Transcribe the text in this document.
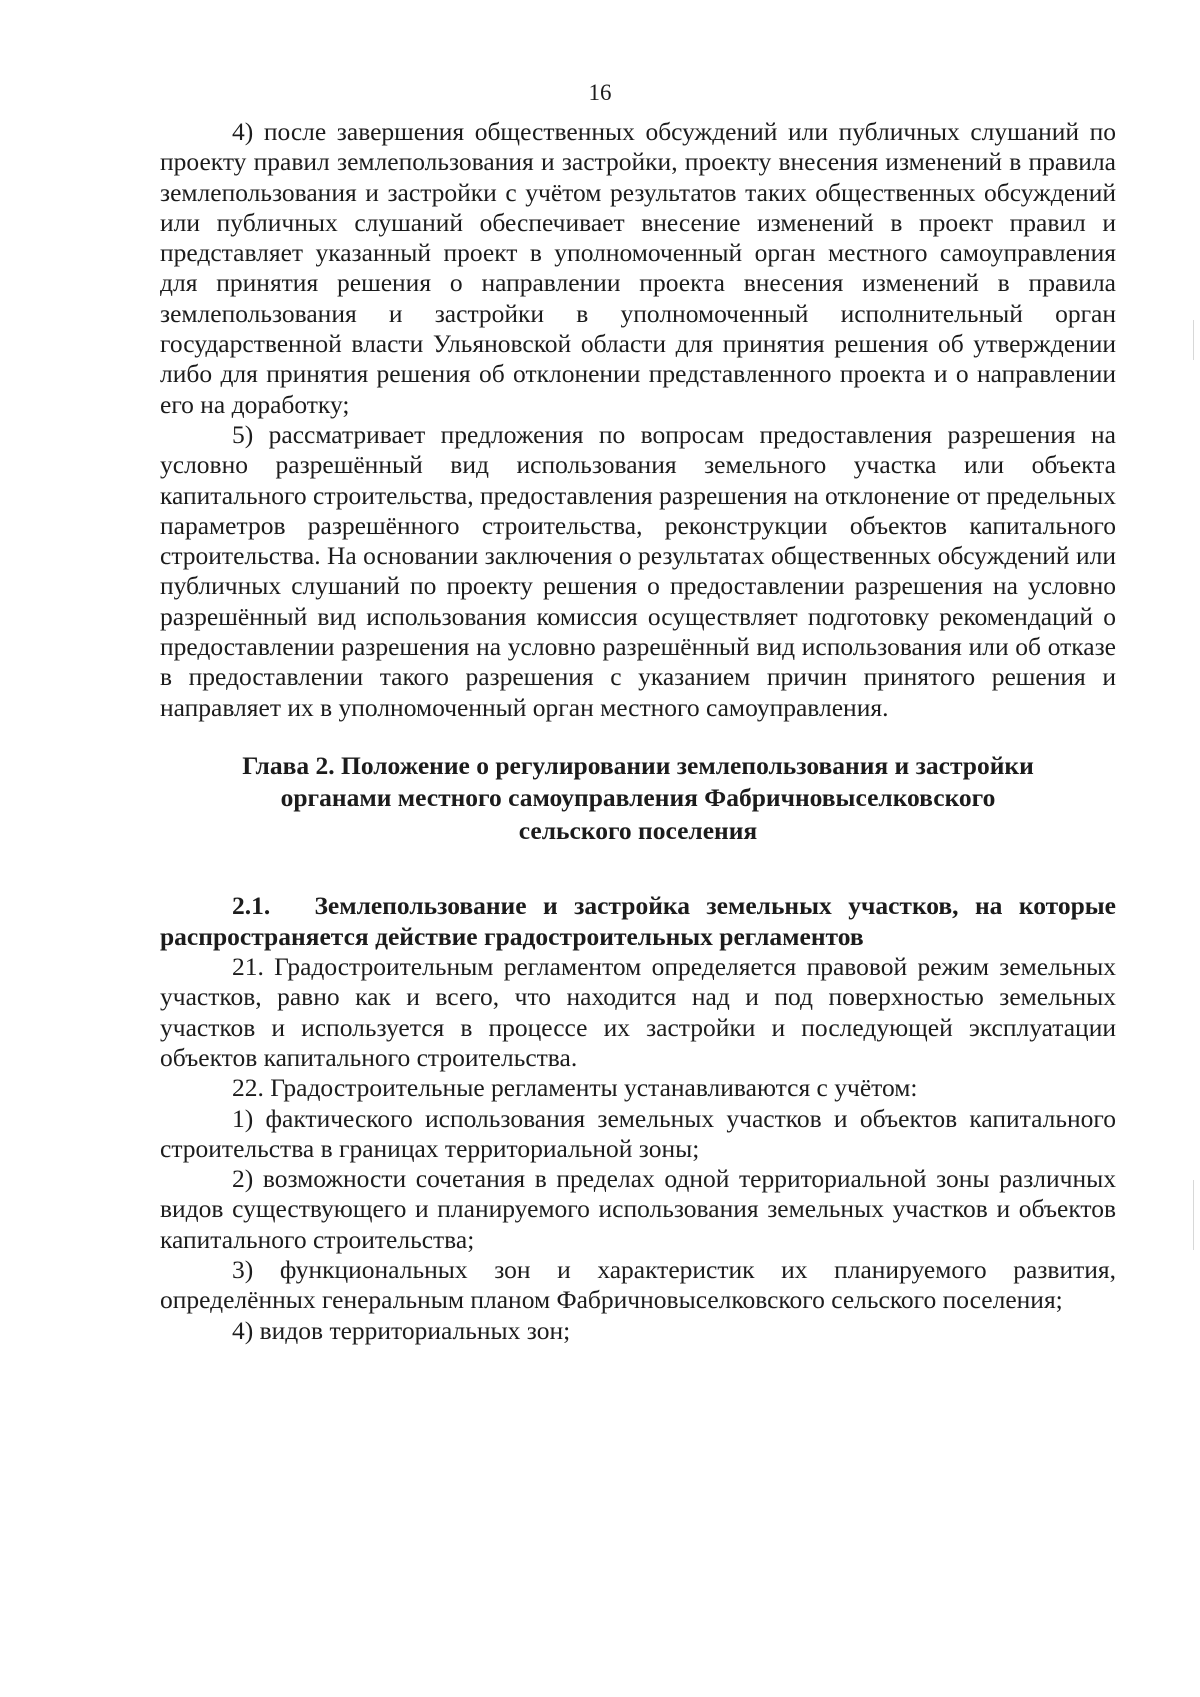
16

4) после завершения общественных обсуждений или публичных слушаний по проекту правил землепользования и застройки, проекту внесения изменений в правила землепользования и застройки с учётом результатов таких общественных обсуждений или публичных слушаний обеспечивает внесение изменений в проект правил и представляет указанный проект в уполномоченный орган местного самоуправления для принятия решения о направлении проекта внесения изменений в правила землепользования и застройки в уполномоченный исполнительный орган государственной власти Ульяновской области для принятия решения об утверждении либо для принятия решения об отклонении представленного проекта и о направлении его на доработку;

5) рассматривает предложения по вопросам предоставления разрешения на условно разрешённый вид использования земельного участка или объекта капитального строительства, предоставления разрешения на отклонение от предельных параметров разрешённого строительства, реконструкции объектов капитального строительства. На основании заключения о результатах общественных обсуждений или публичных слушаний по проекту решения о предоставлении разрешения на условно разрешённый вид использования комиссия осуществляет подготовку рекомендаций о предоставлении разрешения на условно разрешённый вид использования или об отказе в предоставлении такого разрешения с указанием причин принятого решения и направляет их в уполномоченный орган местного самоуправления.

Глава 2. Положение о регулировании землепользования и застройки
органами местного самоуправления Фабричновыселковского
сельского поселения

2.1. Землепользование и застройка земельных участков, на которые распространяется действие градостроительных регламентов

21. Градостроительным регламентом определяется правовой режим земельных участков, равно как и всего, что находится над и под поверхностью земельных участков и используется в процессе их застройки и последующей эксплуатации объектов капитального строительства.

22. Градостроительные регламенты устанавливаются с учётом:

1) фактического использования земельных участков и объектов капитального строительства в границах территориальной зоны;

2) возможности сочетания в пределах одной территориальной зоны различных видов существующего и планируемого использования земельных участков и объектов капитального строительства;

3) функциональных зон и характеристик их планируемого развития, определённых генеральным планом Фабричновыселковского сельского поселения;

4) видов территориальных зон;
